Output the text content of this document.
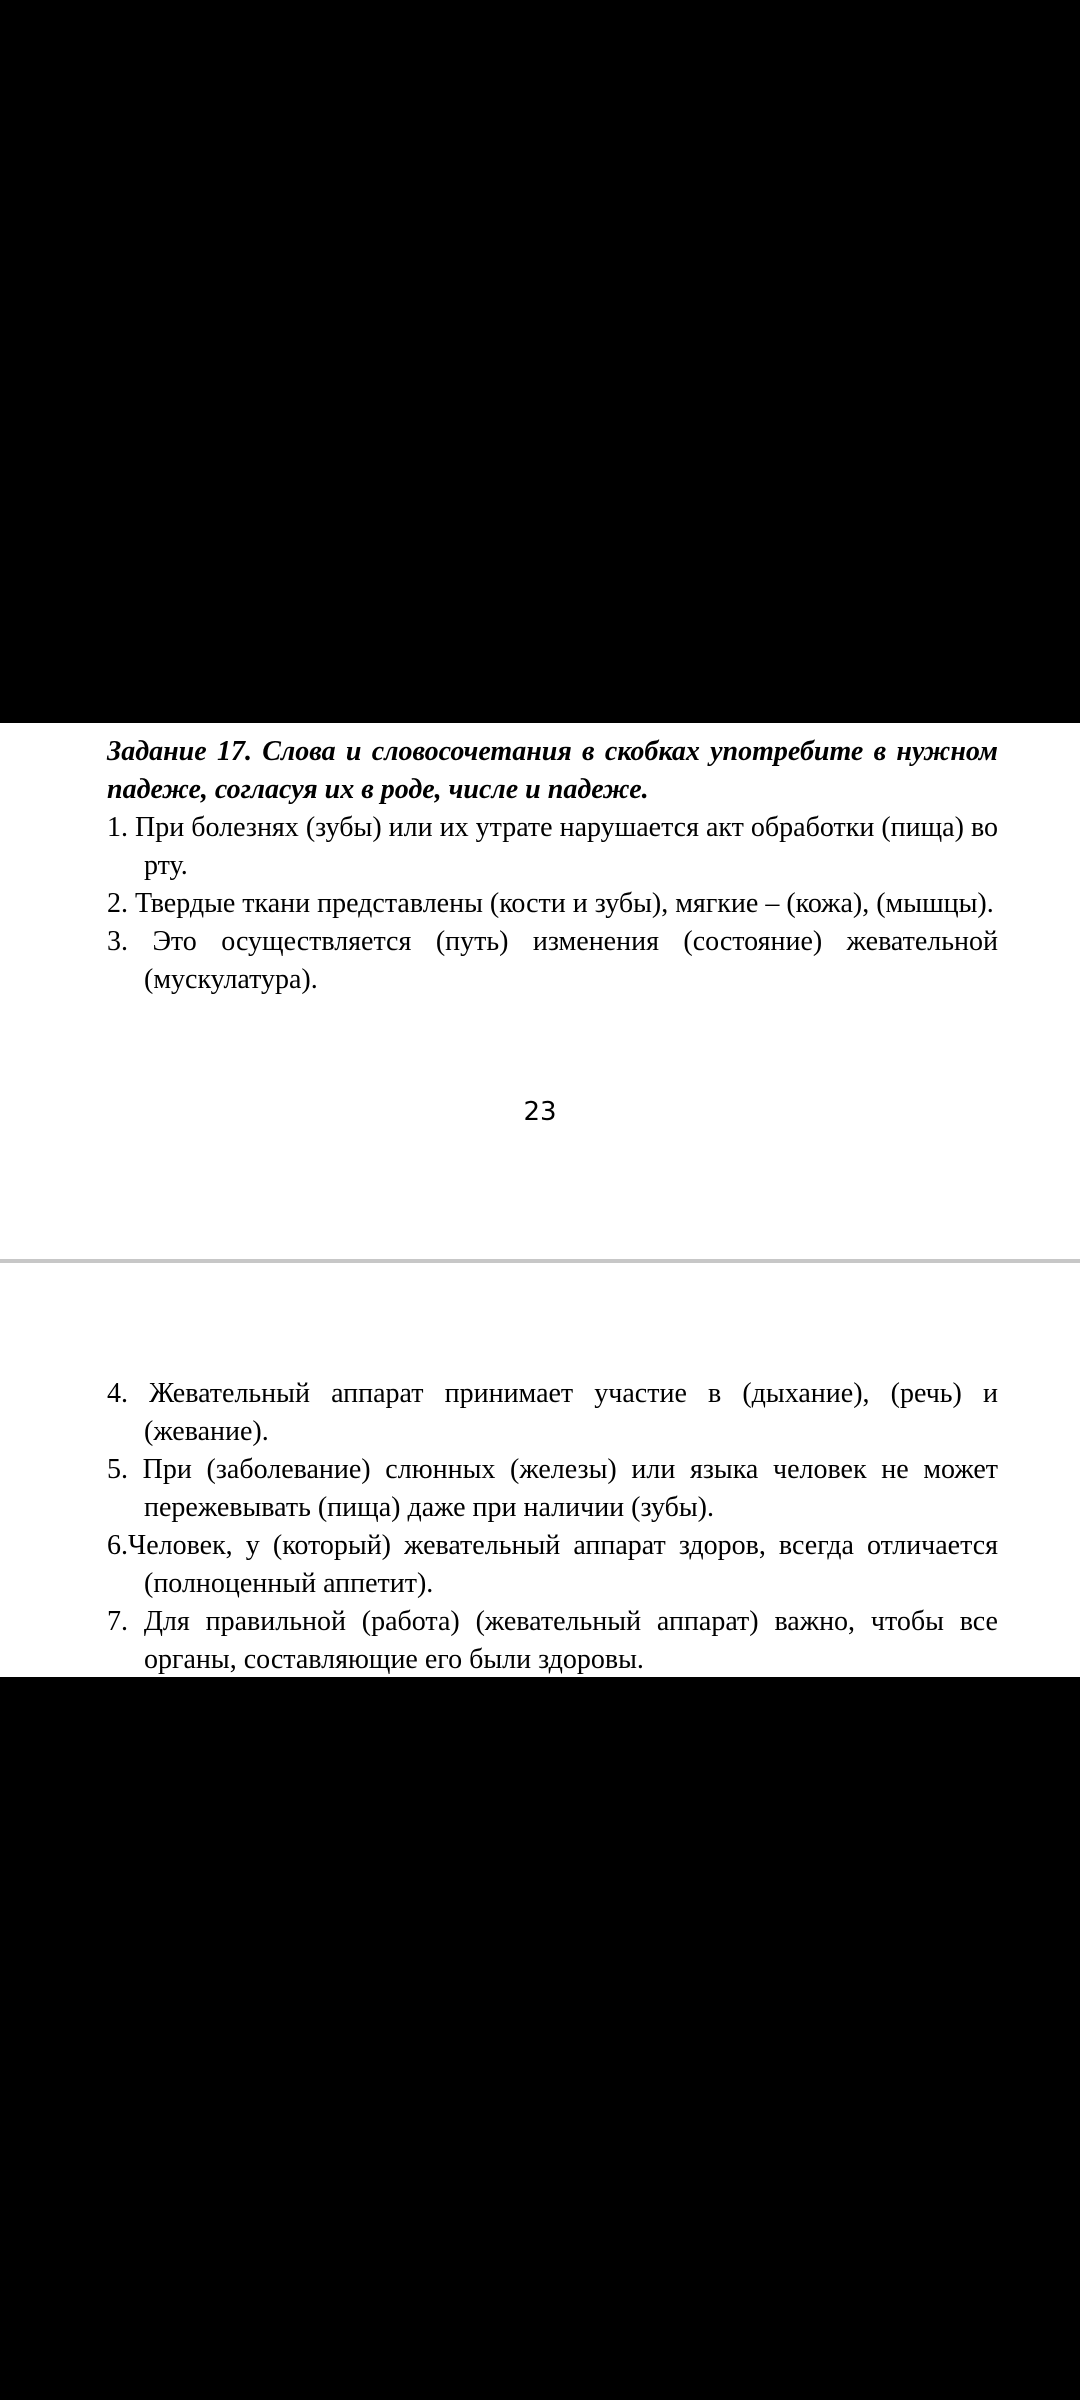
Задание 17. Слова и словосочетания в скобках употребите в нужном падеже, согласуя их в роде, числе и падеже.

1. При болезнях (зубы) или их утрате нарушается акт обработки (пища) во рту.

2. Твердые ткани представлены (кости и зубы), мягкие – (кожа), (мышцы).

3. Это осуществляется (путь) изменения (состояние) жевательной (мускулатура).

23

4. Жевательный аппарат принимает участие в (дыхание), (речь) и (жевание).

5. При (заболевание) слюнных (железы) или языка человек не может пережевывать (пища) даже при наличии (зубы).

6.Человек, у (который) жевательный аппарат здоров, всегда отличается (полноценный аппетит).

7. Для правильной (работа) (жевательный аппарат) важно, чтобы все органы, составляющие его были здоровы.
